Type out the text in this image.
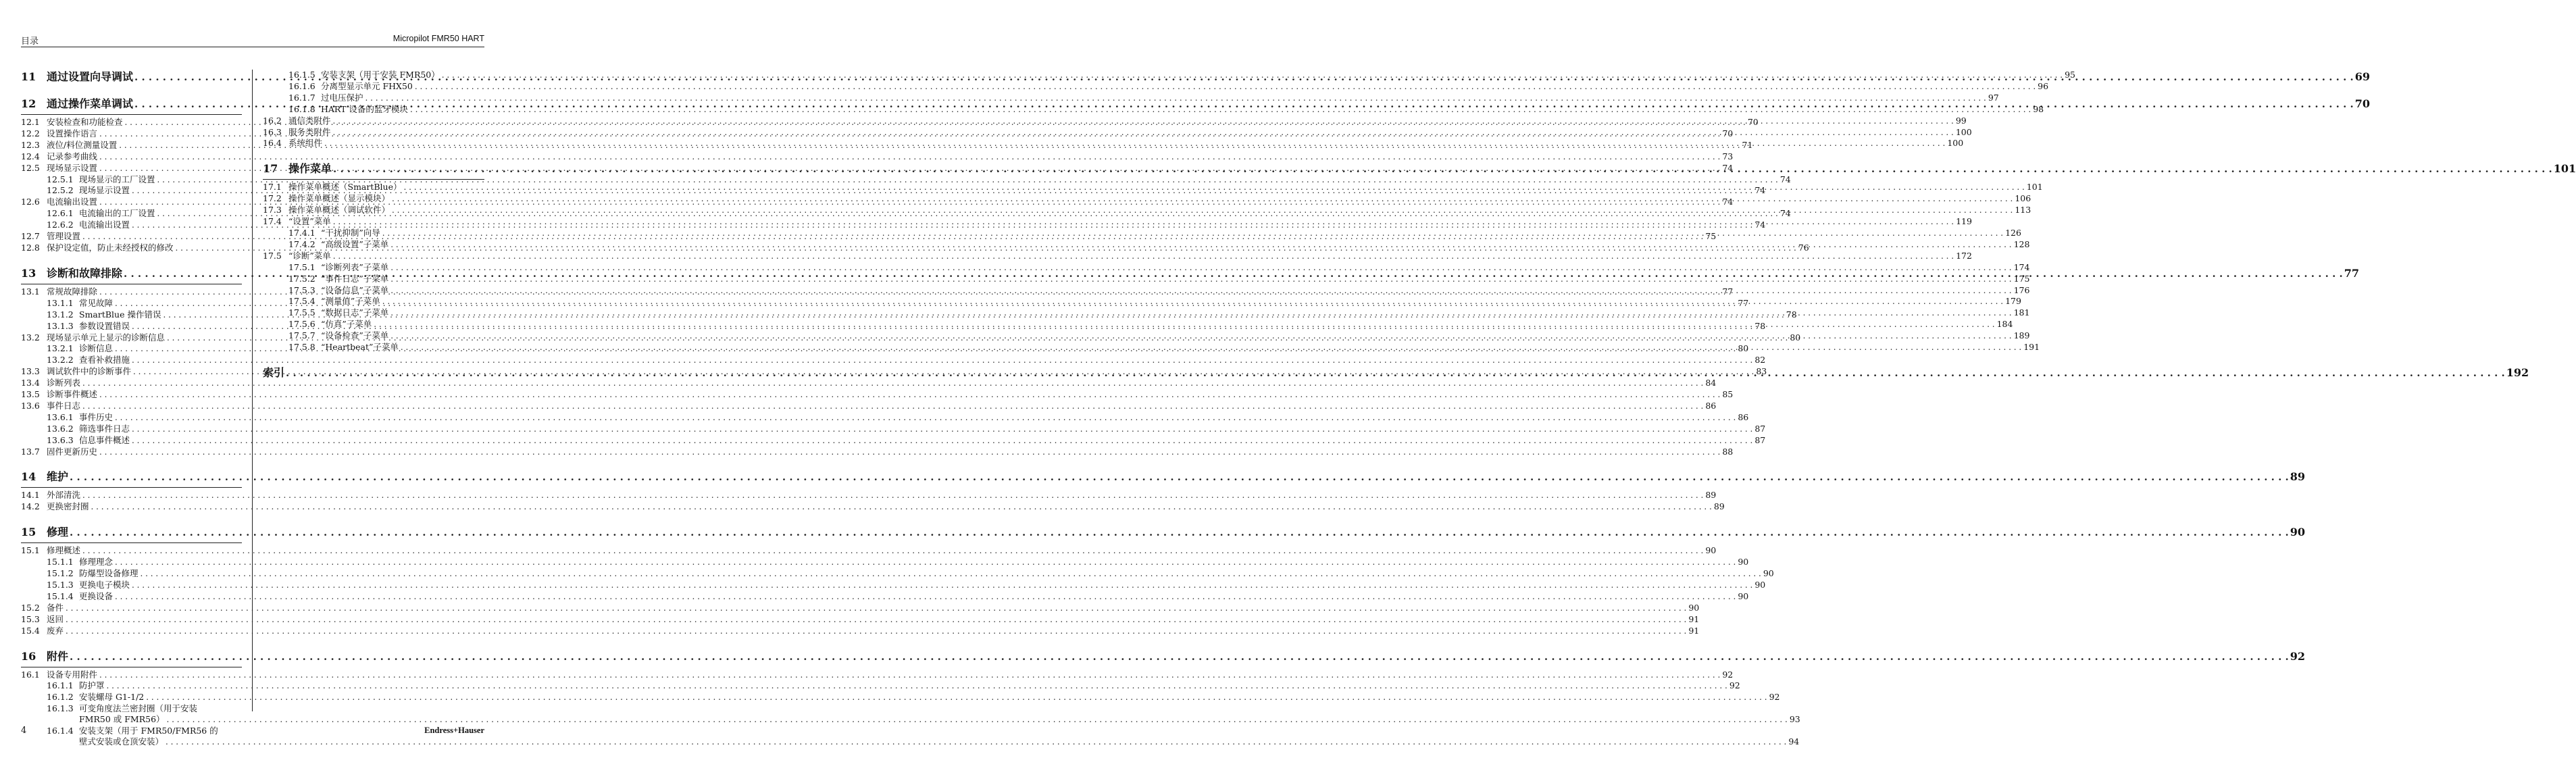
目录	Micropilot FMR50 HART
11 通过设置向导调试 . . .	69
12 通过操作菜单调试 . . .	70
12.1 安装检查和功能检查 . . .	70
12.2 设置操作语言 . . .	70
12.3 液位/料位测量设置 . . .	71
12.4 记录参考曲线 . . .	73
12.5 现场显示设置 . . .	74
12.5.1 现场显示的工厂设置 . . .	74
12.5.2 现场显示设置 . . .	74
12.6 电流输出设置 . . .	74
12.6.1 电流输出的工厂设置 . . .	74
12.6.2 电流输出设置 . . .	74
12.7 管理设置 . . .	75
12.8 保护设定值，防止未经授权的修改 . . .	76
13 诊断和故障排除 . . .	77
13.1 常规故障排除 . . .	77
13.1.1 常见故障 . . .	77
13.1.2 SmartBlue 操作错误 . . .	78
13.1.3 参数设置错误 . . .	78
13.2 现场显示单元上显示的诊断信息 . . .	80
13.2.1 诊断信息 . . .	80
13.2.2 查看补救措施 . . .	82
13.3 调试软件中的诊断事件 . . .	83
13.4 诊断列表 . . .	84
13.5 诊断事件概述 . . .	85
13.6 事件日志 . . .	86
13.6.1 事件历史 . . .	86
13.6.2 筛选事件日志 . . .	87
13.6.3 信息事件概述 . . .	87
13.7 固件更新历史 . . .	88
14 维护 . . .	89
14.1 外部清洗 . . .	89
14.2 更换密封圈 . . .	89
15 修理 . . .	90
15.1 修理概述 . . .	90
15.1.1 修理理念 . . .	90
15.1.2 防爆型设备修理 . . .	90
15.1.3 更换电子模块 . . .	90
15.1.4 更换设备 . . .	90
15.2 备件 . . .	90
15.3 返回 . . .	91
15.4 废弃 . . .	91
16 附件 . . .	92
16.1 设备专用附件 . . .	92
16.1.1 防护罩 . . .	92
16.1.2 安装螺母 G1-1/2 . . .	92
16.1.3 可变角度法兰密封圈（用于安装
FMR50 或 FMR56） . . .	93
16.1.4 安装支架（用于 FMR50/FMR56 的
壁式安装或仓顶安装） . . .	94
16.1.5 安装支架（用于安装 FMR50） . . .	95
16.1.6 分离型显示单元 FHX50 . . .	96
16.1.7 过电压保护 . . .	97
16.1.8 HART 设备的蓝牙模块 . . .	98
16.2 通信类附件 . . .	99
16.3 服务类附件 . . .	100
16.4 系统组件 . . .	100
17 操作菜单 . . .	101
17.1 操作菜单概述（SmartBlue） . . .	101
17.2 操作菜单概述（显示模块） . . .	106
17.3 操作菜单概述（调试软件） . . .	113
17.4 “设置”菜单 . . .	119
17.4.1 “干扰抑制”向导 . . .	126
17.4.2 “高级设置”子菜单 . . .	128
17.5 “诊断”菜单 . . .	172
17.5.1 “诊断列表”子菜单 . . .	174
17.5.2 “事件日志”子菜单 . . .	175
17.5.3 “设备信息”子菜单 . . .	176
17.5.4 “测量值”子菜单 . . .	179
17.5.5 “数据日志”子菜单 . . .	181
17.5.6 “仿真”子菜单 . . .	184
17.5.7 “设备检查”子菜单 . . .	189
17.5.8 “Heartbeat”子菜单 . . .	191
索引 . . .	192
4	Endress+Hauser
